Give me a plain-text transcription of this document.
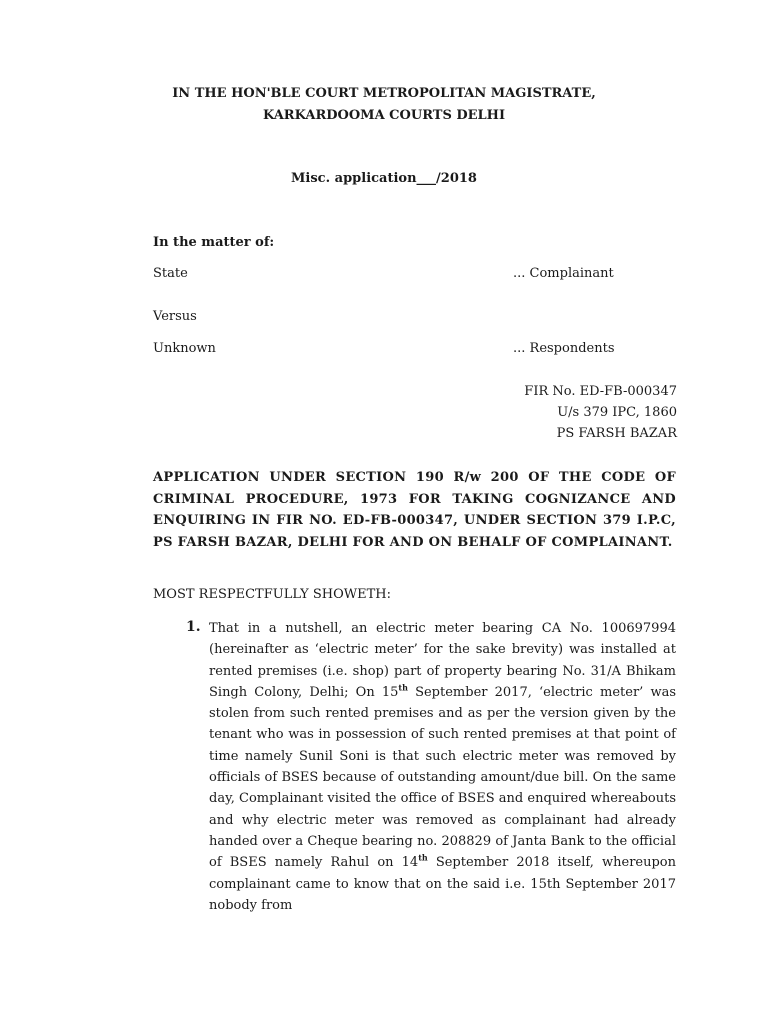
IN THE HON'BLE COURT METROPOLITAN MAGISTRATE,
KARKARDOOMA COURTS DELHI
Misc. application___/2018
In the matter of:
State	... Complainant
Versus
Unknown	... Respondents
FIR No. ED-FB-000347
U/s 379 IPC, 1860
PS FARSH BAZAR
APPLICATION UNDER SECTION 190 R/w 200 OF THE CODE OF CRIMINAL PROCEDURE, 1973 FOR TAKING COGNIZANCE AND ENQUIRING IN FIR NO. ED-FB-000347, UNDER SECTION 379 I.P.C, PS FARSH BAZAR, DELHI FOR AND ON BEHALF OF COMPLAINANT.
MOST RESPECTFULLY SHOWETH:
1. That in a nutshell, an electric meter bearing CA No. 100697994 (hereinafter as ‘electric meter’ for the sake brevity) was installed at rented premises (i.e. shop) part of property bearing No. 31/A Bhikam Singh Colony, Delhi; On 15th September 2017, ‘electric meter’ was stolen from such rented premises and as per the version given by the tenant who was in possession of such rented premises at that point of time namely Sunil Soni is that such electric meter was removed by officials of BSES because of outstanding amount/due bill. On the same day, Complainant visited the office of BSES and enquired whereabouts and why electric meter was removed as complainant had already handed over a Cheque bearing no. 208829 of Janta Bank to the official of BSES namely Rahul on 14th September 2018 itself, whereupon complainant came to know that on the said i.e. 15th September 2017 nobody from
